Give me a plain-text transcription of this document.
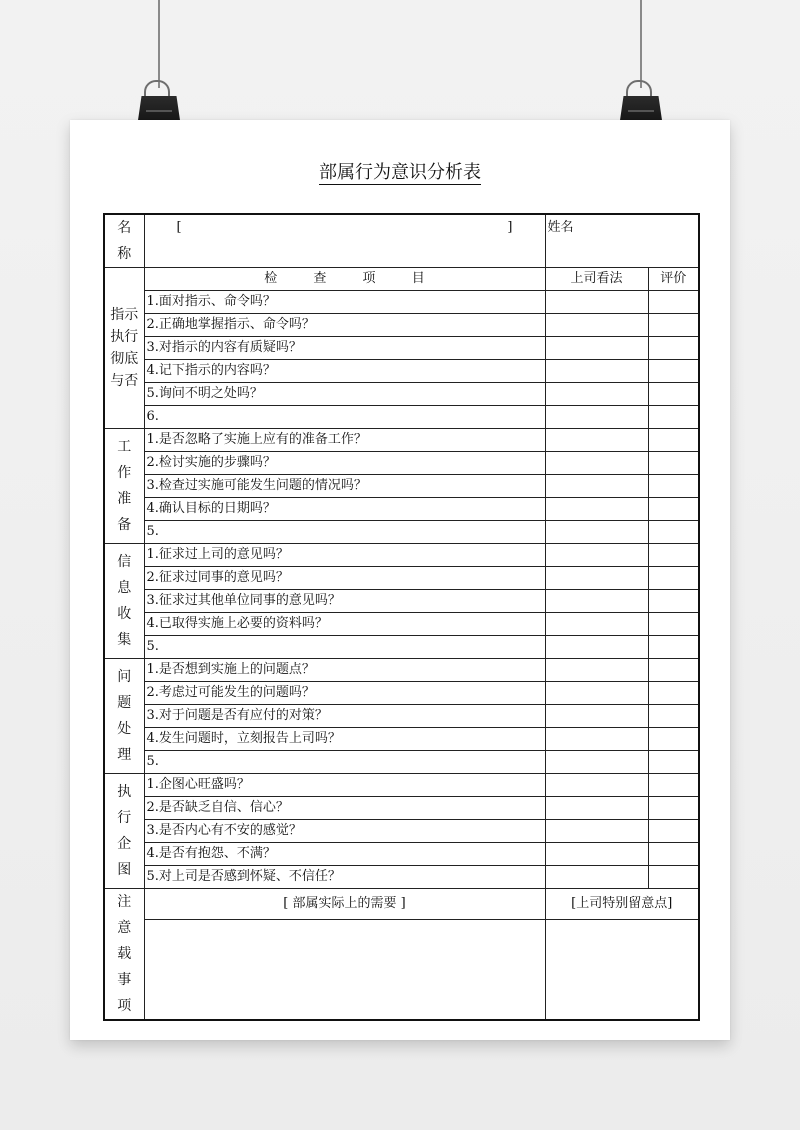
部属行为意识分析表
名称	[ ]	姓名	
指示执行彻底与否	检 查 项 目	上司看法	评价
	1.面对指示、命令吗？		
	2.正确地掌握指示、命令吗？		
	3.对指示的内容有质疑吗？		
	4.记下指示的内容吗？		
	5.询问不明之处吗？		
	6.		
工作准备	1.是否忽略了实施上应有的准备工作？		
	2.检讨实施的步骤吗？		
	3.检查过实施可能发生问题的情况吗？		
	4.确认目标的日期吗？		
	5.		
信息收集	1.征求过上司的意见吗？		
	2.征求过同事的意见吗？		
	3.征求过其他单位同事的意见吗？		
	4.已取得实施上必要的资料吗？		
	5.		
问题处理	1.是否想到实施上的问题点？		
	2.考虑过可能发生的问题吗？		
	3.对于问题是否有应付的对策？		
	4.发生问题时，立刻报告上司吗？		
	5.		
执行企图	1.企图心旺盛吗？		
	2.是否缺乏自信、信心？		
	3.是否内心有不安的感觉？		
	4.是否有抱怨、不满？		
	5.对上司是否感到怀疑、不信任？		
注意载事项	[ 部属实际上的需要 ]	[上司特别留意点]	
